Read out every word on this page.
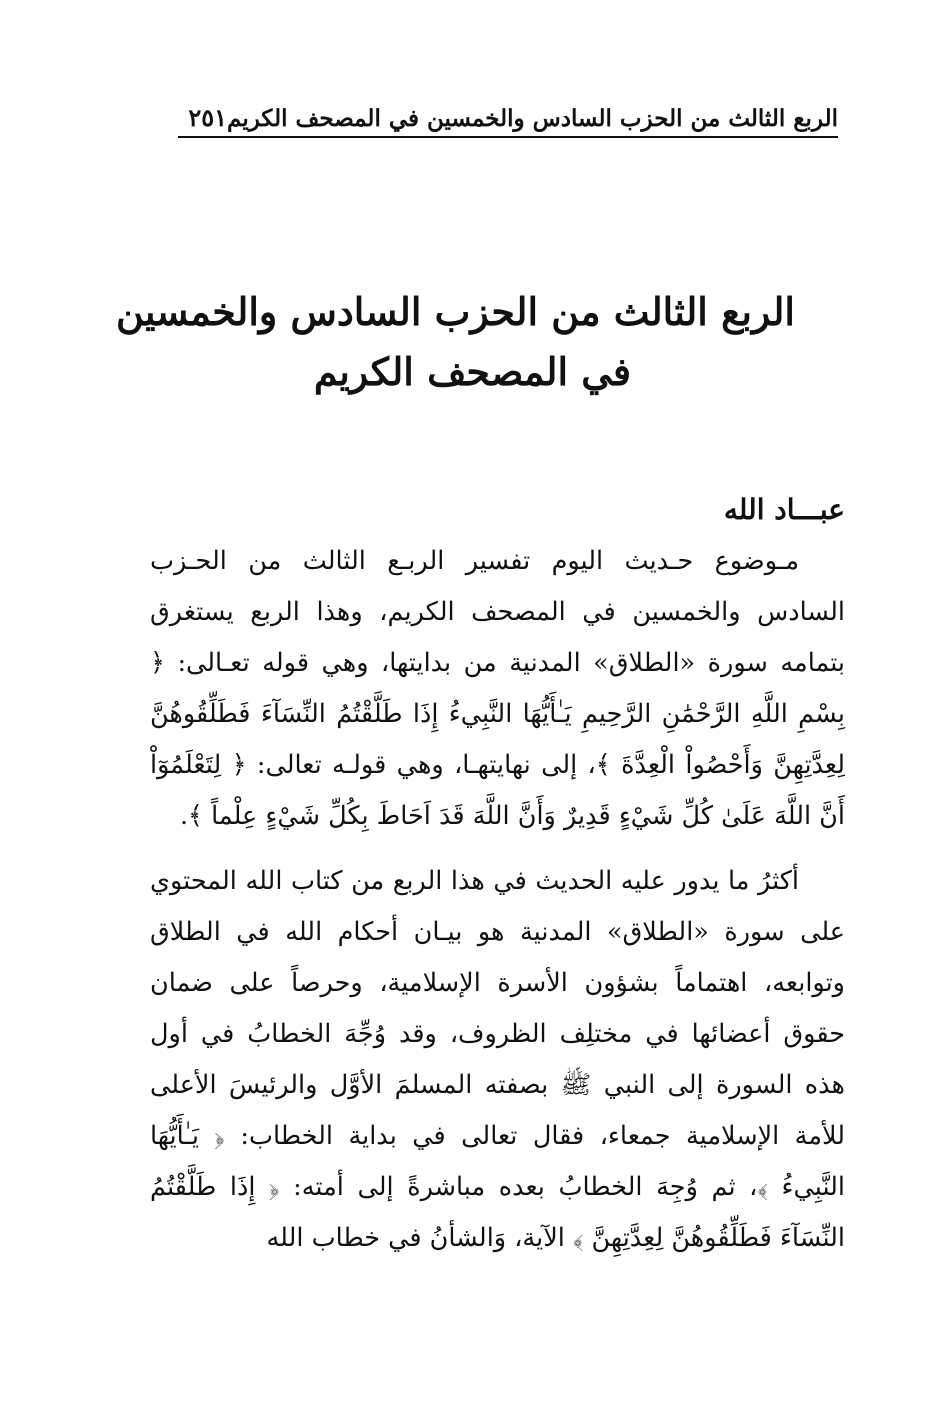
الربع الثالث من الحزب السادس والخمسين في المصحف الكريم
٢٥١
الربع الثالث من الحزب السادس والخمسين
في المصحف الكريم
عبـــاد الله

مـوضوع حـديث اليوم تفسير الربـع الثالث من الحـزب السادس والخمسين في المصحف الكريم، وهذا الربع يستغرق بتمامه سورة «الطلاق» المدنية من بدايتها، وهي قوله تعـالى: ﴿ بِسْمِ اللَّهِ الرَّحْمَٰنِ الرَّحِيمِ يَـٰأَيُّهَا النَّبِيءُ إِذَا طَلَّقْتُمُ النِّسَآءَ فَطَلِّقُوهُنَّ لِعِدَّتِهِنَّ وَأَحْصُواْ الْعِدَّةَ ﴾، إلى نهايتهـا، وهي قولـه تعالى: ﴿ لِتَعْلَمُوٓاْ أَنَّ اللَّهَ عَلَىٰ كُلِّ شَيْءٍ قَدِيرٌ وَأَنَّ اللَّهَ قَدَ اَحَاطَ بِكُلِّ شَيْءٍ عِلْماً ﴾.

أكثرُ ما يدور عليه الحديث في هذا الربع من كتاب الله المحتوي على سورة «الطلاق» المدنية هو بيـان أحكام الله في الطلاق وتوابعه، اهتماماً بشؤون الأسرة الإسلامية، وحرصاً على ضمان حقوق أعضائها في مختلِف الظروف، وقد وُجِّهَ الخطابُ في أول هذه السورة إلى النبي ﷺ بصفته المسلمَ الأوَّل والرئيسَ الأعلى للأمة الإسلامية جمعاء، فقال تعالى في بداية الخطاب: ﴿ يَـٰأَيُّهَا النَّبِيءُ ﴾، ثم وُجِهَ الخطابُ بعده مباشرةً إلى أمته: ﴿ إِذَا طَلَّقْتُمُ النِّسَآءَ فَطَلِّقُوهُنَّ لِعِدَّتِهِنَّ ﴾ الآية، وَالشأنُ في خطاب الله
